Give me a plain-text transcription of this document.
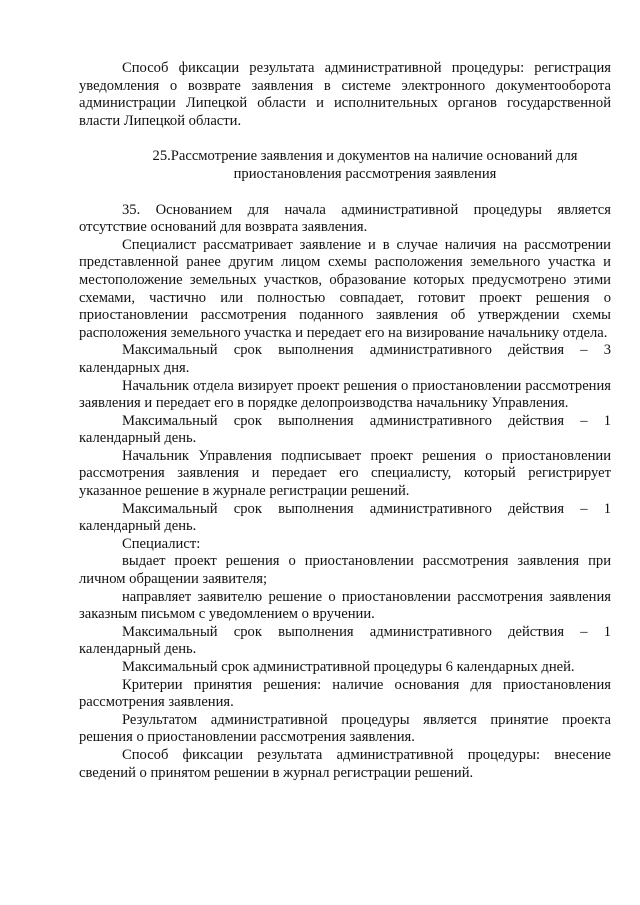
Способ фиксации результата административной процедуры: регистрация уведомления о возврате заявления в системе электронного документооборота администрации Липецкой области и исполнительных органов государственной власти Липецкой области.

25.Рассмотрение заявления и документов на наличие оснований для
приостановления рассмотрения заявления

35. Основанием для начала административной процедуры является отсутствие оснований для возврата заявления.

Специалист рассматривает заявление и в случае наличия на рассмотрении представленной ранее другим лицом схемы расположения земельного участка и местоположение земельных участков, образование которых предусмотрено этими схемами, частично или полностью совпадает, готовит проект решения о приостановлении рассмотрения поданного заявления об утверждении схемы расположения земельного участка и передает его на визирование начальнику отдела.

Максимальный срок выполнения административного действия – 3 календарных дня.

Начальник отдела визирует проект решения о приостановлении рассмотрения заявления и передает его в порядке делопроизводства начальнику Управления.

Максимальный срок выполнения административного действия – 1 календарный день.

Начальник Управления подписывает проект решения о приостановлении рассмотрения заявления и передает его специалисту, который регистрирует указанное решение в журнале регистрации решений.

Максимальный срок выполнения административного действия – 1 календарный день.

Специалист:

выдает проект решения о приостановлении рассмотрения заявления при личном обращении заявителя;

направляет заявителю решение о приостановлении рассмотрения заявления заказным письмом с уведомлением о вручении.

Максимальный срок выполнения административного действия – 1 календарный день.

Максимальный срок административной процедуры 6 календарных дней.

Критерии принятия решения: наличие основания для приостановления рассмотрения заявления.

Результатом административной процедуры является принятие проекта решения о приостановлении рассмотрения заявления.

Способ фиксации результата административной процедуры: внесение сведений о принятом решении в журнал регистрации решений.
